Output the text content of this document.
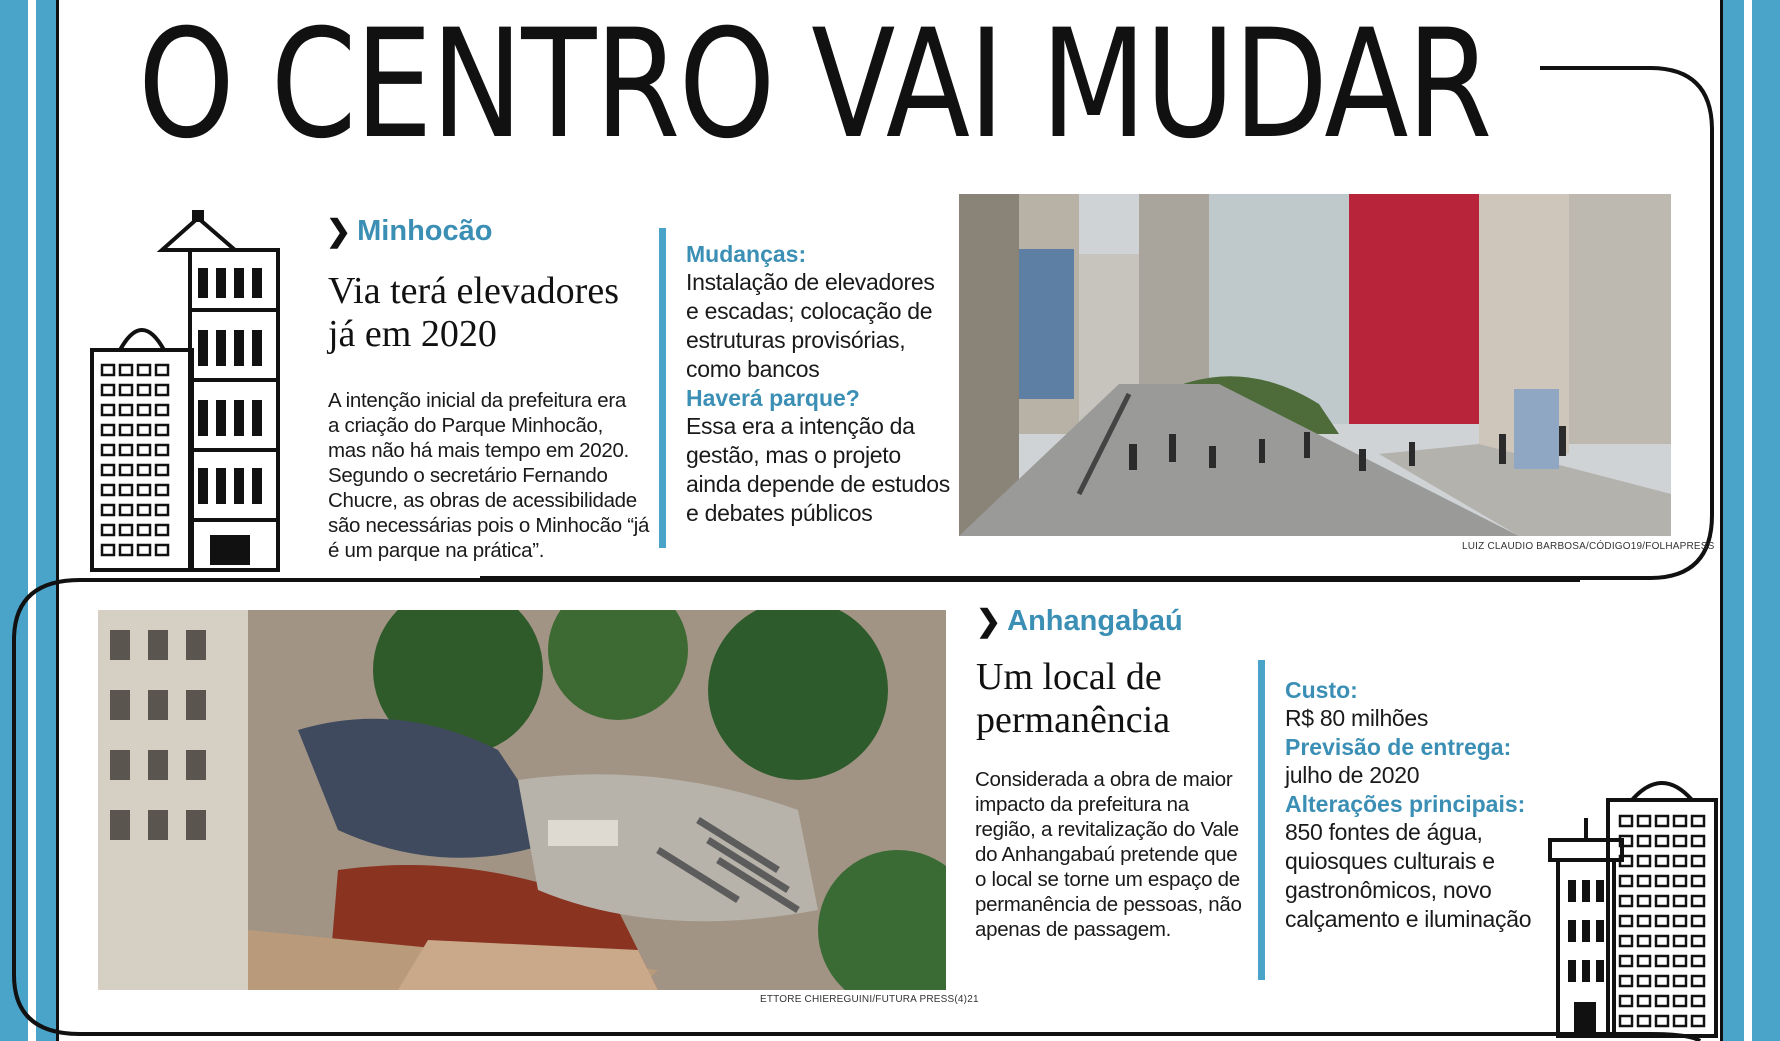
O CENTRO VAI MUDAR
❯ Minhocão
Via terá elevadores
já em 2020
A intenção inicial da prefeitura era
a criação do Parque Minhocão,
mas não há mais tempo em 2020.
Segundo o secretário Fernando
Chucre, as obras de acessibilidade
são necessárias pois o Minhocão “já
é um parque na prática”.
Mudanças:
Instalação de elevadores
e escadas; colocação de
estruturas provisórias,
como bancos
Haverá parque?
Essa era a intenção da
gestão, mas o projeto
ainda depende de estudos
e debates públicos
LUIZ CLAUDIO BARBOSA/CÓDIGO19/FOLHAPRESS
ETTORE CHIEREGUINI/FUTURA PRESS(4)21
❯ Anhangabaú
Um local de
permanência
Considerada a obra de maior
impacto da prefeitura na
região, a revitalização do Vale
do Anhangabaú pretende que
o local se torne um espaço de
permanência de pessoas, não
apenas de passagem.
Custo:
R$ 80 milhões
Previsão de entrega:
julho de 2020
Alterações principais:
850 fontes de água,
quiosques culturais e
gastronômicos, novo
calçamento e iluminação
